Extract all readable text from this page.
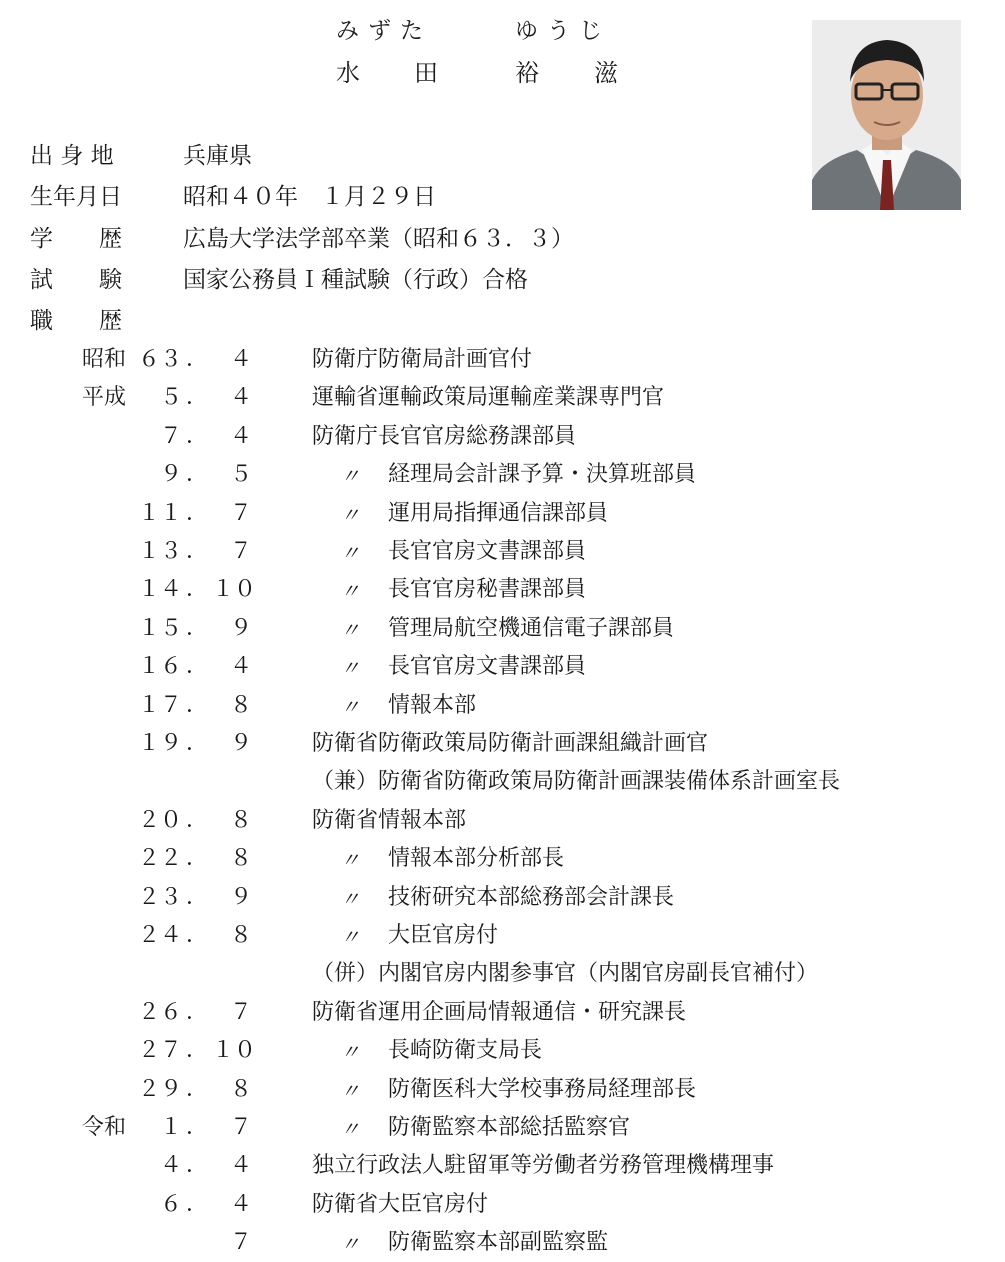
みずた	ゆうじ
水 田	裕 滋
出 身 地	兵庫県
生年月日	昭和４０年　１月２９日
学　　歴	広島大学法学部卒業（昭和６３．３）
試　　験	国家公務員Ｉ種試験（行政）合格
職　　歴
昭和 ６３ ． ４	防衛庁防衛局計画官付
平成	５ ． ４	運輸省運輸政策局運輸産業課専門官
７ ． ４	防衛庁長官官房総務課部員
９ ． ５	〃 経理局会計課予算・決算班部員
１１ ． ７	〃 運用局指揮通信課部員
１３ ． ７	〃 長官官房文書課部員
１４ ． １０	〃 長官官房秘書課部員
１５ ． ９	〃 管理局航空機通信電子課部員
１６ ． ４	〃 長官官房文書課部員
１７ ． ８	〃 情報本部
１９ ． ９	防衛省防衛政策局防衛計画課組織計画官
（兼）防衛省防衛政策局防衛計画課装備体系計画室長
２０ ． ８	防衛省情報本部
２２ ． ８	〃 情報本部分析部長
２３ ． ９	〃 技術研究本部総務部会計課長
２４ ． ８	〃 大臣官房付
（併）内閣官房内閣参事官（内閣官房副長官補付）
２６ ． ７	防衛省運用企画局情報通信・研究課長
２７ ． １０	〃 長崎防衛支局長
２９ ． ８	〃 防衛医科大学校事務局経理部長
令和	１ ． ７	〃 防衛監察本部総括監察官
４ ． ４	独立行政法人駐留軍等労働者労務管理機構理事
６ ． ４	防衛省大臣官房付
７	〃 防衛監察本部副監察監
